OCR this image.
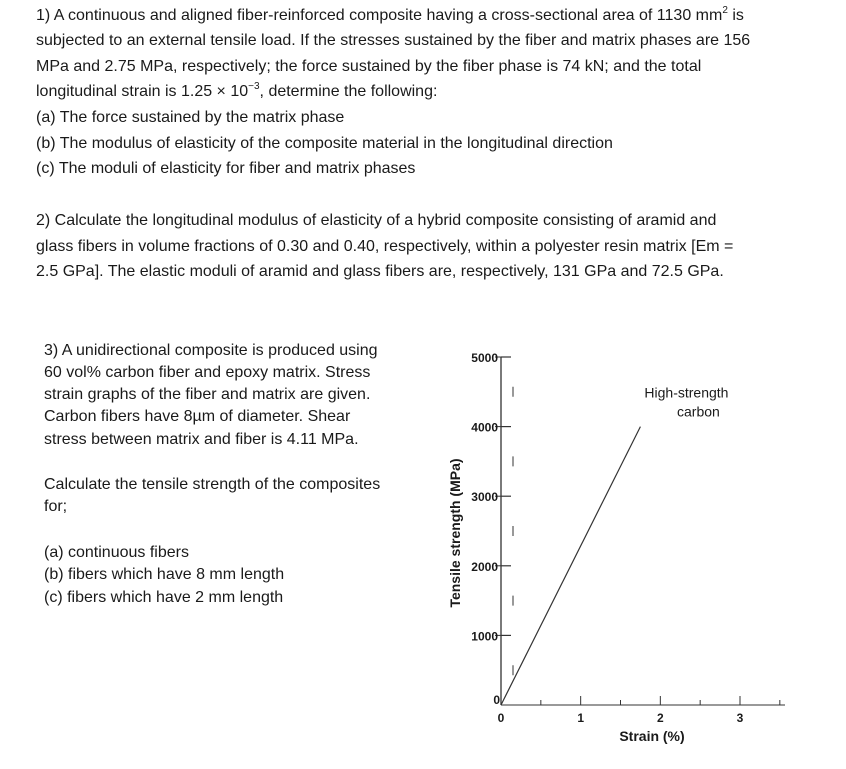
1) A continuous and aligned fiber-reinforced composite having a cross-sectional area of 1130 $mm^2$ is

subjected to an external tensile load. If the stresses sustained by the fiber and matrix phases are 156

MPa and 2.75 MPa, respectively; the force sustained by the fiber phase is 74 kN; and the total

longitudinal strain is $1.25 \times 10^{-3}$, determine the following:

(a) The force sustained by the matrix phase

(b) The modulus of elasticity of the composite material in the longitudinal direction

(c) The moduli of elasticity for fiber and matrix phases

2) Calculate the longitudinal modulus of elasticity of a hybrid composite consisting of aramid and

glass fibers in volume fractions of 0.30 and 0.40, respectively, within a polyester resin matrix [Em =

2.5 GPa]. The elastic moduli of aramid and glass fibers are, respectively, 131 GPa and 72.5 GPa.

3) A unidirectional composite is produced using

60 vol% carbon fiber and epoxy matrix. Stress

strain graphs of the fiber and matrix are given.

Carbon fibers have 8µm of diameter. Shear

stress between matrix and fiber is 4.11 MPa.

Calculate the tensile strength of the composites

for;

(a) continuous fibers

(b) fibers which have 8 mm length

(c) fibers which have 2 mm length

0
1000
2000
3000
4000
5000
0	1	2	3
High-strength
carbon
Tensile strength (MPa)
Strain (%)
